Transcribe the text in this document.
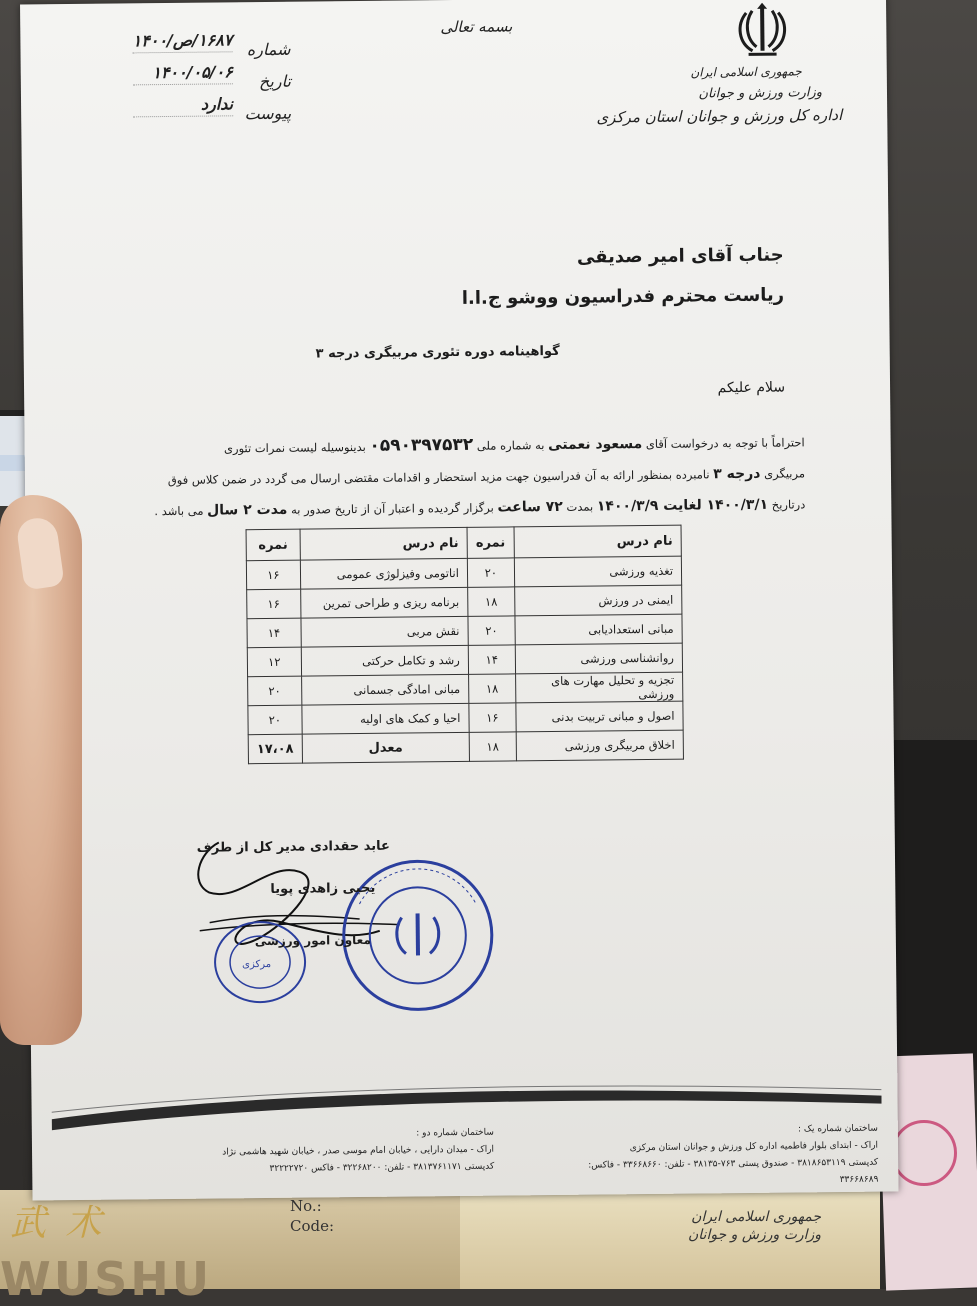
武 术
WUSHU
No.:
Code:	جمهوری اسلامی ایران
وزارت ورزش و جوانان
بسمه تعالی
جمهوری اسلامی ایران
وزارت ورزش و جوانان
اداره کل ورزش و جوانان استان مرکزی
شماره
۱۶۸۷/ص/۱۴۰۰
تاریخ
۱۴۰۰/۰۵/۰۶
پیوست
ندارد
جناب آقای امیر صدیقی
ریاست محترم فدراسیون ووشو ج.ا.ا
گواهینامه دوره تئوری مربیگری درجه ۳
سلام علیکم
احتراماً با توجه به درخواست آقای مسعود نعمتی به شماره ملی ۰۵۹۰۳۹۷۵۳۲ بدینوسیله لیست نمرات تئوری
مربیگری درجه ۳ نامبرده بمنظور ارائه به آن فدراسیون جهت مزید استحضار و اقدامات مقتضی ارسال می گردد در ضمن کلاس فوق
درتاریخ ۱۴۰۰/۳/۱ لغایت ۱۴۰۰/۳/۹ بمدت ۷۲ ساعت برگزار گردیده و اعتبار آن از تاریخ صدور به مدت ۲ سال می باشد .
نام درس	نمره	نام درس	نمره
تغذیه ورزشی	۲۰	اناتومی وفیزلوژی عمومی	۱۶
ایمنی در ورزش	۱۸	برنامه ریزی و طراحی تمرین	۱۶
مبانی استعدادیابی	۲۰	نقش مربی	۱۴
روانشناسی ورزشی	۱۴	رشد و تکامل حرکتی	۱۲
تجزیه و تحلیل مهارت های ورزشی	۱۸	مبانی امادگی جسمانی	۲۰
اصول و مبانی تربیت بدنی	۱۶	احیا و کمک های اولیه	۲۰
اخلاق مربیگری ورزشی	۱۸	معدل	۱۷،۰۸
مرکزی
عابد حقدادی مدیر کل از طرف
یحیی زاهدی پویا
معاون امور ورزشی
ساختمان شماره یک :
اراک - ابتدای بلوار فاطمیه اداره کل ورزش و جوانان استان مرکزی
کدپستی ۳۸۱۸۶۵۳۱۱۹ - صندوق پستی ۷۶۳-۳۸۱۳۵ - تلفن: ۳۳۶۶۸۶۶۰ - فاکس: ۳۳۶۶۸۶۸۹
ساختمان شماره دو :
اراک - میدان دارایی ، خیابان امام موسی صدر ، خیابان شهید هاشمی نژاد
کدپستی ۳۸۱۳۷۶۱۱۷۱ - تلفن: ۳۲۲۶۸۲۰۰ - فاکس ۳۲۲۲۲۷۲۰
